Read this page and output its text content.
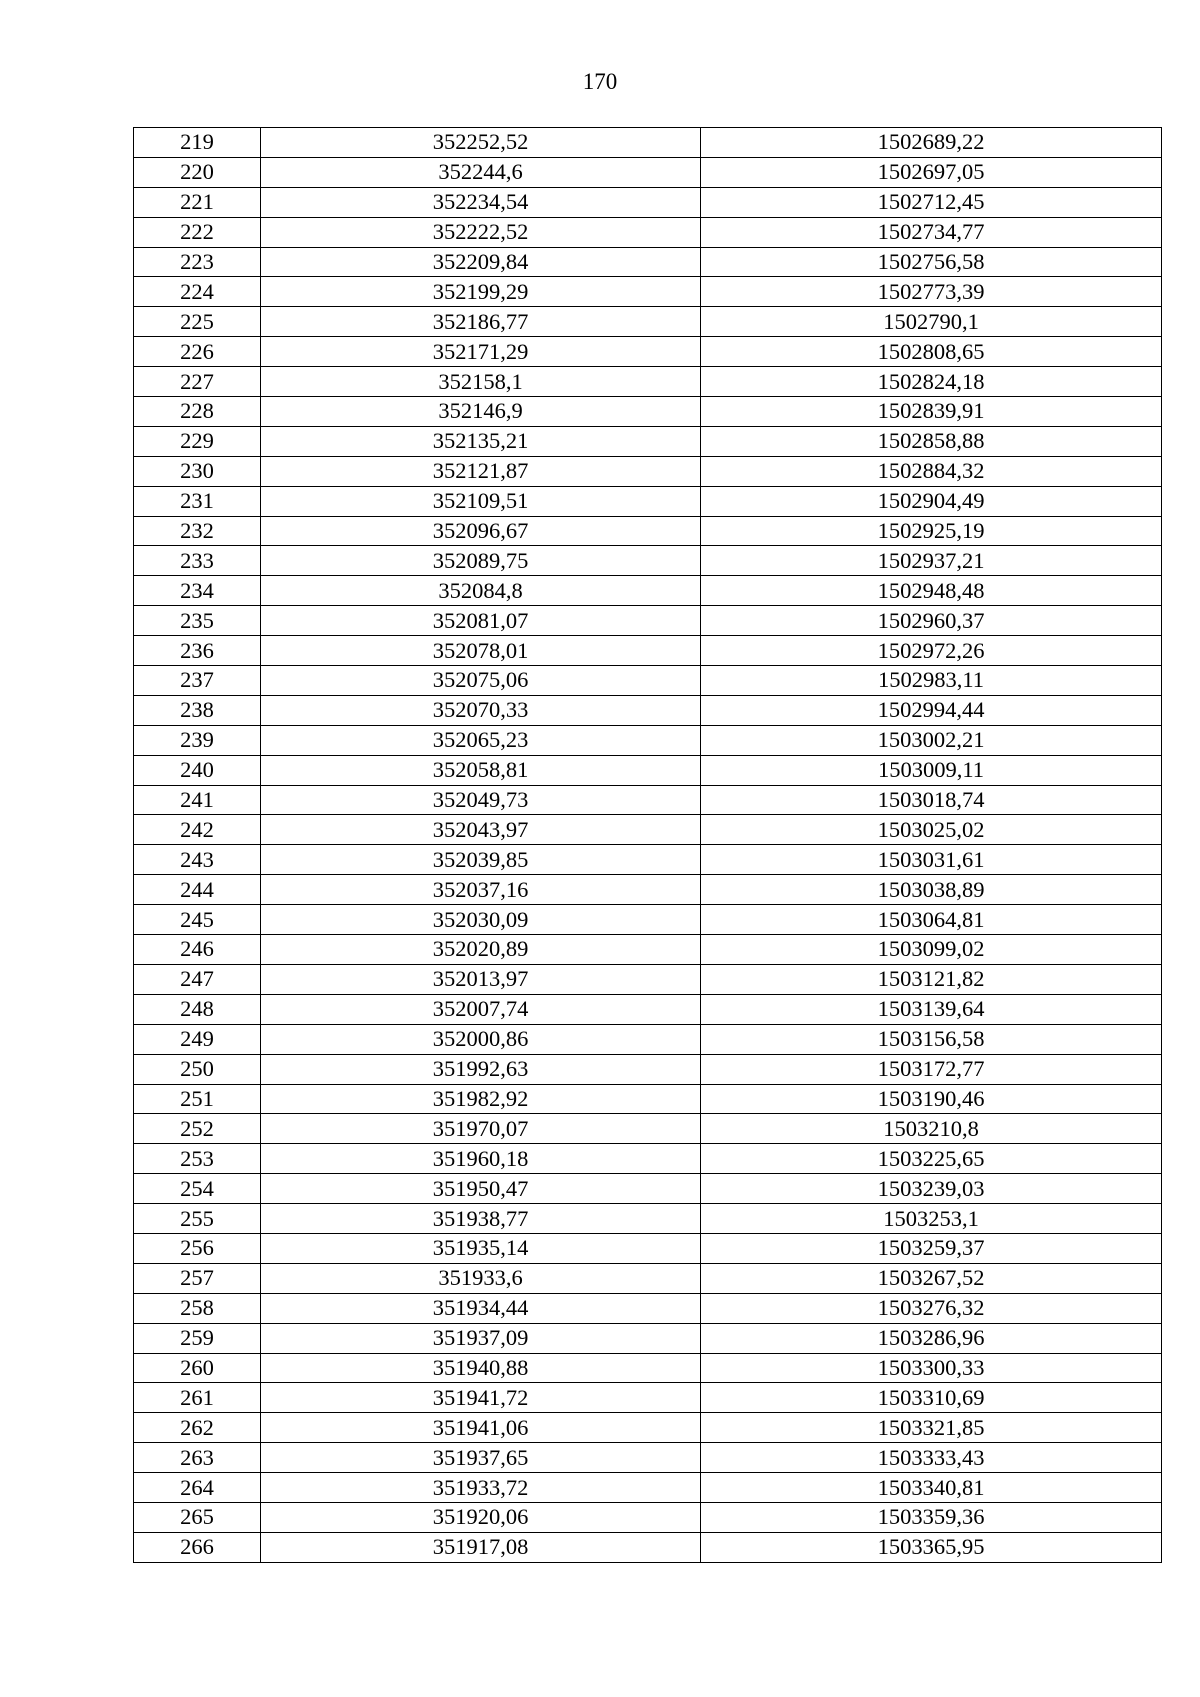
170
219	352252,52	1502689,22
220	352244,6	1502697,05
221	352234,54	1502712,45
222	352222,52	1502734,77
223	352209,84	1502756,58
224	352199,29	1502773,39
225	352186,77	1502790,1
226	352171,29	1502808,65
227	352158,1	1502824,18
228	352146,9	1502839,91
229	352135,21	1502858,88
230	352121,87	1502884,32
231	352109,51	1502904,49
232	352096,67	1502925,19
233	352089,75	1502937,21
234	352084,8	1502948,48
235	352081,07	1502960,37
236	352078,01	1502972,26
237	352075,06	1502983,11
238	352070,33	1502994,44
239	352065,23	1503002,21
240	352058,81	1503009,11
241	352049,73	1503018,74
242	352043,97	1503025,02
243	352039,85	1503031,61
244	352037,16	1503038,89
245	352030,09	1503064,81
246	352020,89	1503099,02
247	352013,97	1503121,82
248	352007,74	1503139,64
249	352000,86	1503156,58
250	351992,63	1503172,77
251	351982,92	1503190,46
252	351970,07	1503210,8
253	351960,18	1503225,65
254	351950,47	1503239,03
255	351938,77	1503253,1
256	351935,14	1503259,37
257	351933,6	1503267,52
258	351934,44	1503276,32
259	351937,09	1503286,96
260	351940,88	1503300,33
261	351941,72	1503310,69
262	351941,06	1503321,85
263	351937,65	1503333,43
264	351933,72	1503340,81
265	351920,06	1503359,36
266	351917,08	1503365,95
